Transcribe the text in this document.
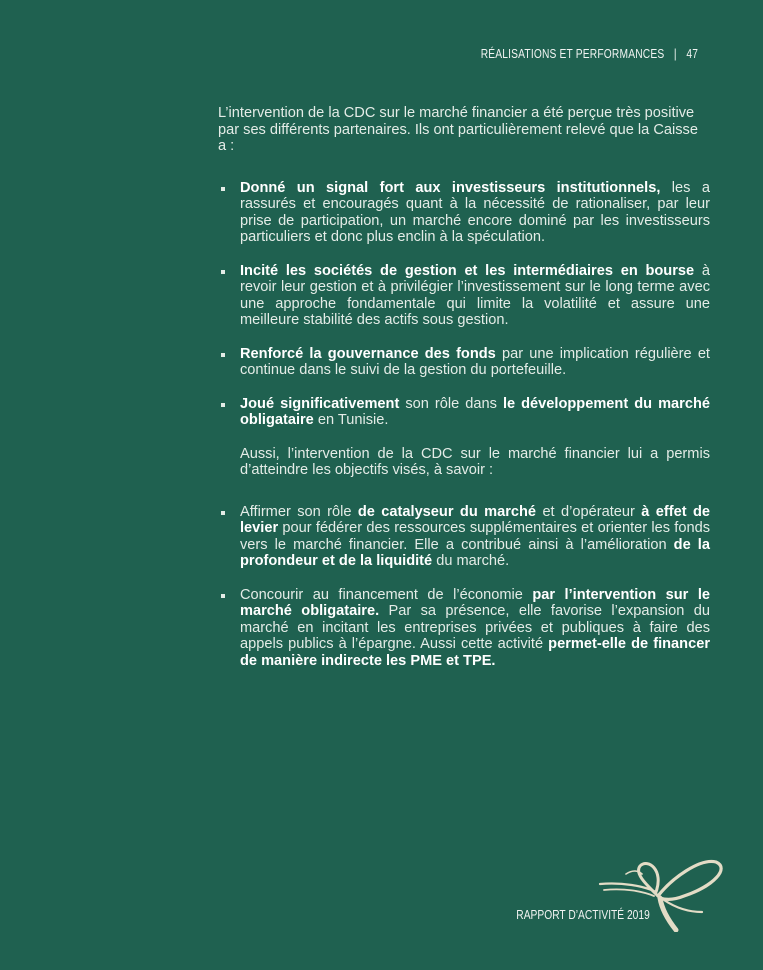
RÉALISATIONS ET PERFORMANCES | 47

L’intervention de la CDC sur le marché financier a été perçue très positive par ses différents partenaires. Ils ont particulièrement relevé que la Caisse a :

Donné un signal fort aux investisseurs institutionnels, les a rassurés et encouragés quant à la nécessité de rationaliser, par leur prise de participation, un marché encore dominé par les investisseurs particuliers et donc plus enclin à la spéculation.
Incité les sociétés de gestion et les intermédiaires en bourse à revoir leur gestion et à privilégier l’investissement sur le long terme avec une approche fondamentale qui limite la volatilité et assure une meilleure stabilité des actifs sous gestion.
Renforcé la gouvernance des fonds par une implication régulière et continue dans le suivi de la gestion du portefeuille.
Joué significativement son rôle dans le développement du marché obligataire en Tunisie.

Aussi, l’intervention de la CDC sur le marché financier lui a permis d’atteindre les objectifs visés, à savoir :

Affirmer son rôle de catalyseur du marché et d’opérateur à effet de levier pour fédérer des ressources supplémentaires et orienter les fonds vers le marché financier. Elle a contribué ainsi à l’amélioration de la profondeur et de la liquidité du marché.
Concourir au financement de l’économie par l’intervention sur le marché obligataire. Par sa présence, elle favorise l’expansion du marché en incitant les entreprises privées et publiques à faire des appels publics à l’épargne. Aussi cette activité permet-elle de financer de manière indirecte les PME et TPE.
RAPPORT D’ACTIVITÉ 2019
